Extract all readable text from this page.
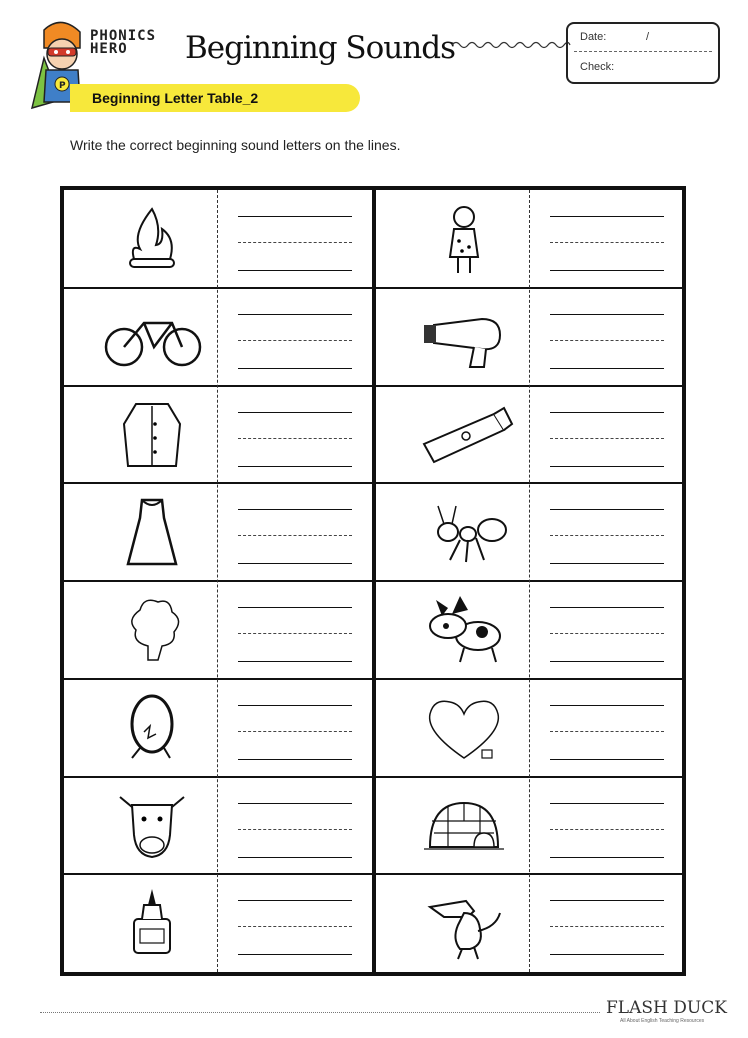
P
PHONICS
HERO	Beginning Sounds	Date:	/
Check:
Beginning Letter Table_2
Write the correct beginning sound letters on the lines.
FLASH DUCK
All About English Teaching Resources
